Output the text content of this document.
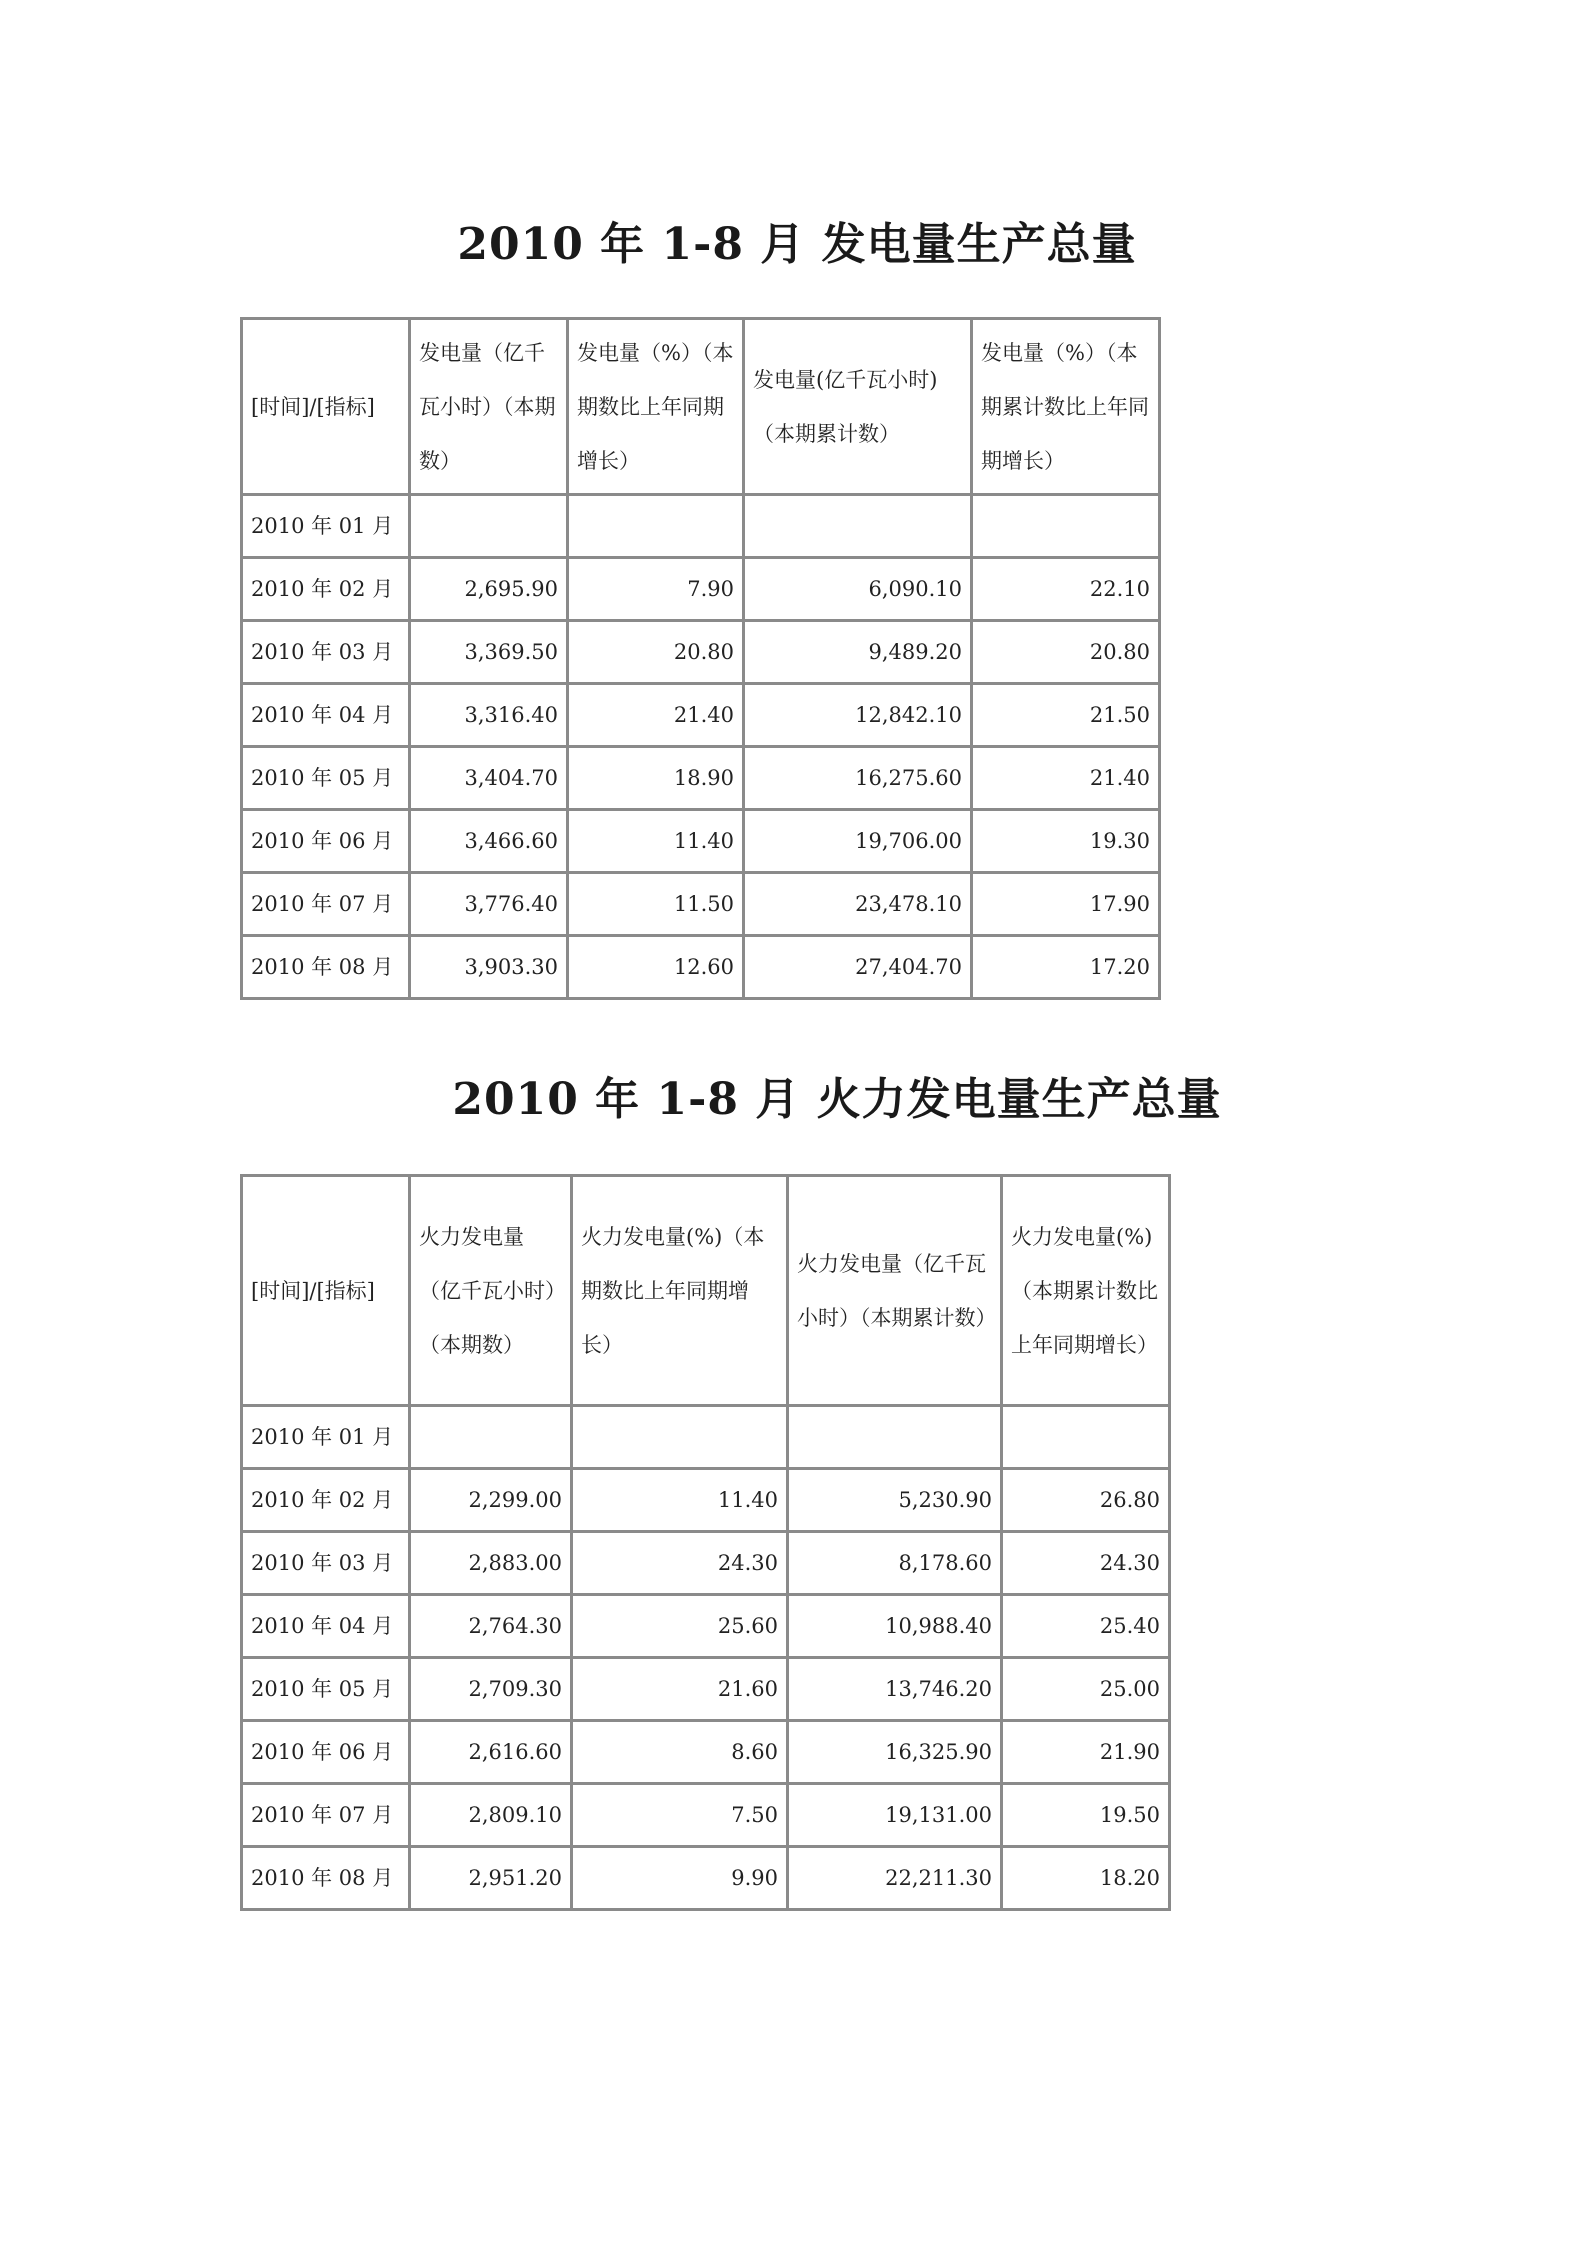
2010 年 1-8 月 发电量生产总量
[时间]/[指标]	发电量（亿千瓦小时）（本期数）	发电量（%）（本期数比上年同期增长）	发电量(亿千瓦小时)（本期累计数）	发电量（%）（本期累计数比上年同期增长）
2010 年 01 月				
2010 年 02 月	2,695.90	7.90	6,090.10	22.10
2010 年 03 月	3,369.50	20.80	9,489.20	20.80
2010 年 04 月	3,316.40	21.40	12,842.10	21.50
2010 年 05 月	3,404.70	18.90	16,275.60	21.40
2010 年 06 月	3,466.60	11.40	19,706.00	19.30
2010 年 07 月	3,776.40	11.50	23,478.10	17.90
2010 年 08 月	3,903.30	12.60	27,404.70	17.20
2010 年 1-8 月 火力发电量生产总量
[时间]/[指标]	火力发电量（亿千瓦小时）（本期数）	火力发电量(%)（本期数比上年同期增长）	火力发电量（亿千瓦小时）（本期累计数）	火力发电量(%)（本期累计数比上年同期增长）
2010 年 01 月				
2010 年 02 月	2,299.00	11.40	5,230.90	26.80
2010 年 03 月	2,883.00	24.30	8,178.60	24.30
2010 年 04 月	2,764.30	25.60	10,988.40	25.40
2010 年 05 月	2,709.30	21.60	13,746.20	25.00
2010 年 06 月	2,616.60	8.60	16,325.90	21.90
2010 年 07 月	2,809.10	7.50	19,131.00	19.50
2010 年 08 月	2,951.20	9.90	22,211.30	18.20
